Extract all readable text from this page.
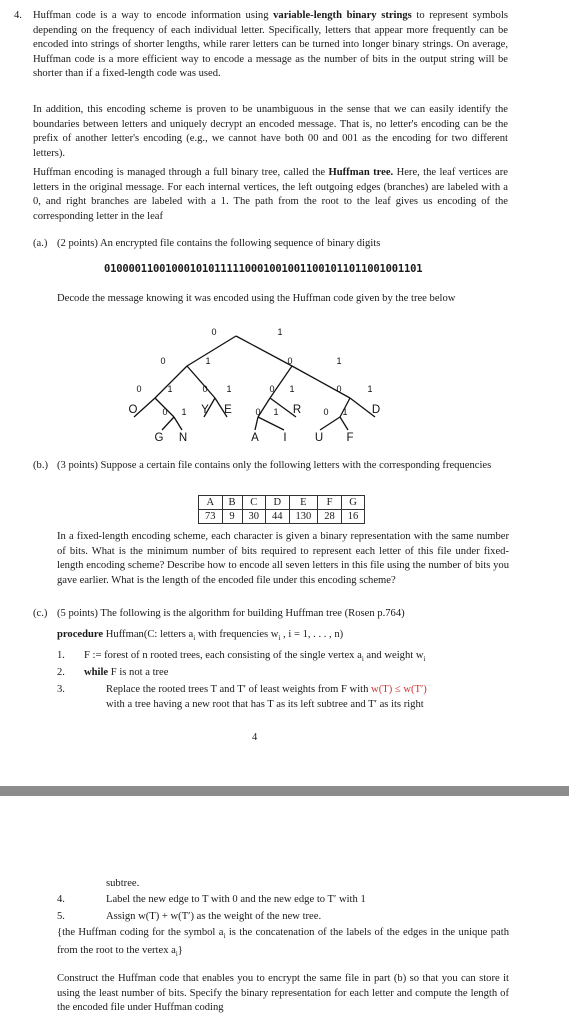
4.	Huffman code is a way to encode information using variable-length binary strings to represent symbols depending on the frequency of each individual letter. Specifically, letters that appear more frequently can be encoded into strings of shorter lengths, while rarer letters can be turned into longer binary strings. On average, Huffman code is a more efficient way to encode a message as the number of bits in the output string will be shorter than if a fixed-length code was used.
In addition, this encoding scheme is proven to be unambiguous in the sense that we can easily identify the boundaries between letters and uniquely decrypt an encoded message. That is, no letter's encoding can be the prefix of another letter's encoding (e.g., we cannot have both 00 and 001 as the encoding for two different letters).
Huffman encoding is managed through a full binary tree, called the Huffman tree. Here, the leaf vertices are letters in the original message. For each internal vertices, the left outgoing edges (branches) are labeled with a 0, and right branches are labeled with a 1. The path from the root to the leaf gives us encoding of the corresponding letter in the leaf
(a.) (2 points) An encrypted file contains the following sequence of binary digits
0100001100100010101111100010010011001011011001001101
Decode the message knowing it was encoded using the Huffman code given by the tree below
0	1
0	1	0	1
0	1	0 1	0 1	0	1
0 1	0 1	0 1
O	Y E	R	D
G N	A I U F
(b.) (3 points) Suppose a certain file contains only the following letters with the corresponding frequencies
A	B	C	D	E	F	G
73	9	30	44	130	28	16
In a fixed-length encoding scheme, each character is given a binary representation with the same number of bits. What is the minimum number of bits required to represent each letter of this file under fixed-length encoding scheme? Describe how to encode all seven letters in this file using the number of bits you gave earlier. What is the length of the encoded file under this encoding scheme?
(c.) (5 points) The following is the algorithm for building Huffman tree (Rosen p.764)
procedure Huffman(C: letters $a_i$ with frequencies $w_i$ , i = 1, . . . , n)
1. F := forest of n rooted trees, each consisting of the single vertex $a_i$ and weight $w_i$
2. while F is not a tree
3.	Replace the rooted trees T and T′ of least weights from F with w(T) ≤ w(T′)
with a tree having a new root that has T as its left subtree and T′ as its right
4
subtree.
4.	Label the new edge to T with 0 and the new edge to T′ with 1
5.	Assign w(T) + w(T′) as the weight of the new tree.
{the Huffman coding for the symbol $a_i$ is the concatenation of the labels of the edges in the unique path from the root to the vertex $a_i$}
Construct the Huffman code that enables you to encrypt the same file in part (b) so that you can store it using the least number of bits. Specify the binary representation for each letter and compute the length of the encoded file under Huffman coding
